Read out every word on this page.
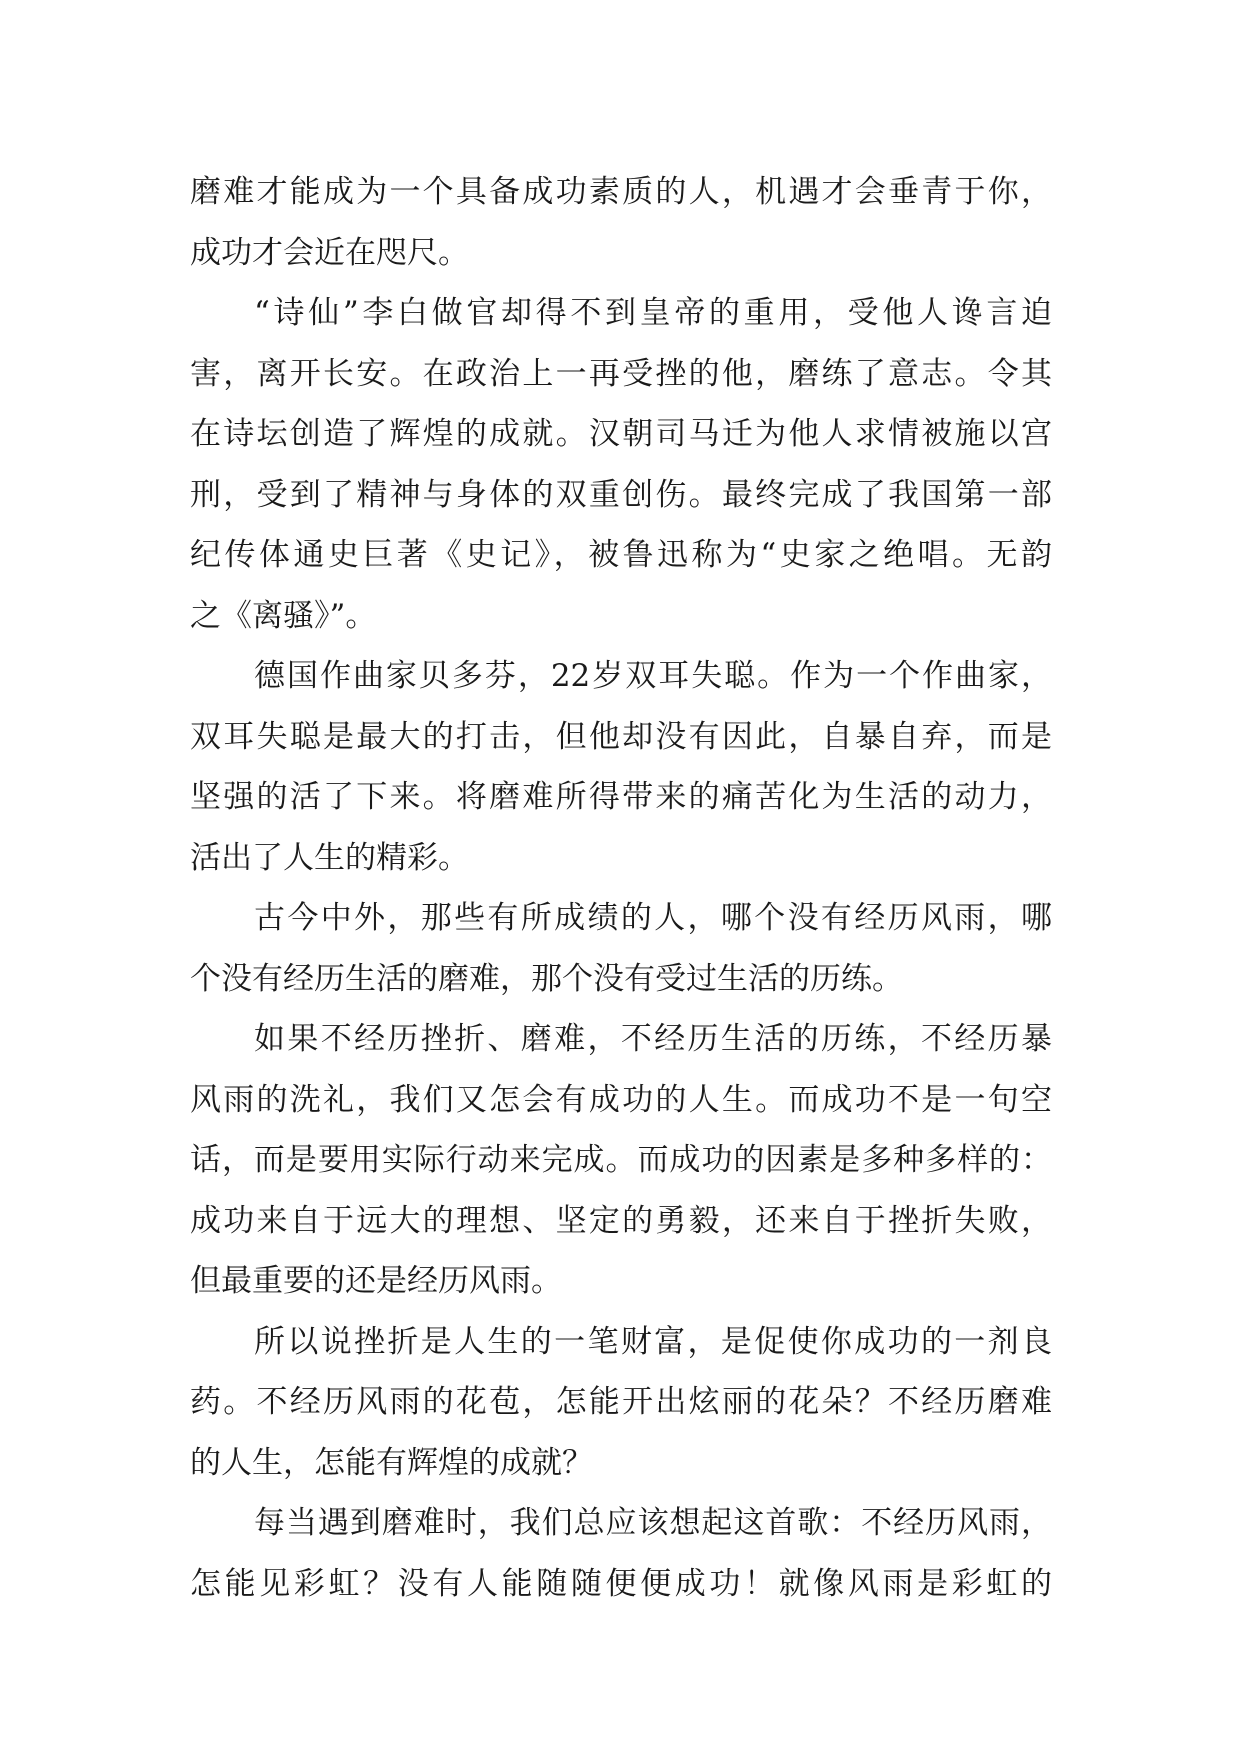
磨难才能成为一个具备成功素质的人，机遇才会垂青于你，
成功才会近在咫尺。
“诗仙”李白做官却得不到皇帝的重用，受他人谗言迫
害，离开长安。在政治上一再受挫的他，磨练了意志。令其
在诗坛创造了辉煌的成就。汉朝司马迁为他人求情被施以宫
刑，受到了精神与身体的双重创伤。最终完成了我国第一部
纪传体通史巨著《史记》，被鲁迅称为“史家之绝唱。无韵
之《离骚》”。
德国作曲家贝多芬，22岁双耳失聪。作为一个作曲家，
双耳失聪是最大的打击，但他却没有因此，自暴自弃，而是
坚强的活了下来。将磨难所得带来的痛苦化为生活的动力，
活出了人生的精彩。
古今中外，那些有所成绩的人，哪个没有经历风雨，哪
个没有经历生活的磨难，那个没有受过生活的历练。
如果不经历挫折、磨难，不经历生活的历练，不经历暴
风雨的洗礼，我们又怎会有成功的人生。而成功不是一句空
话，而是要用实际行动来完成。而成功的因素是多种多样的：
成功来自于远大的理想、坚定的勇毅，还来自于挫折失败，
但最重要的还是经历风雨。
所以说挫折是人生的一笔财富，是促使你成功的一剂良
药。不经历风雨的花苞，怎能开出炫丽的花朵？不经历磨难
的人生，怎能有辉煌的成就？
每当遇到磨难时，我们总应该想起这首歌：不经历风雨，
怎能见彩虹？没有人能随随便便成功！就像风雨是彩虹的
